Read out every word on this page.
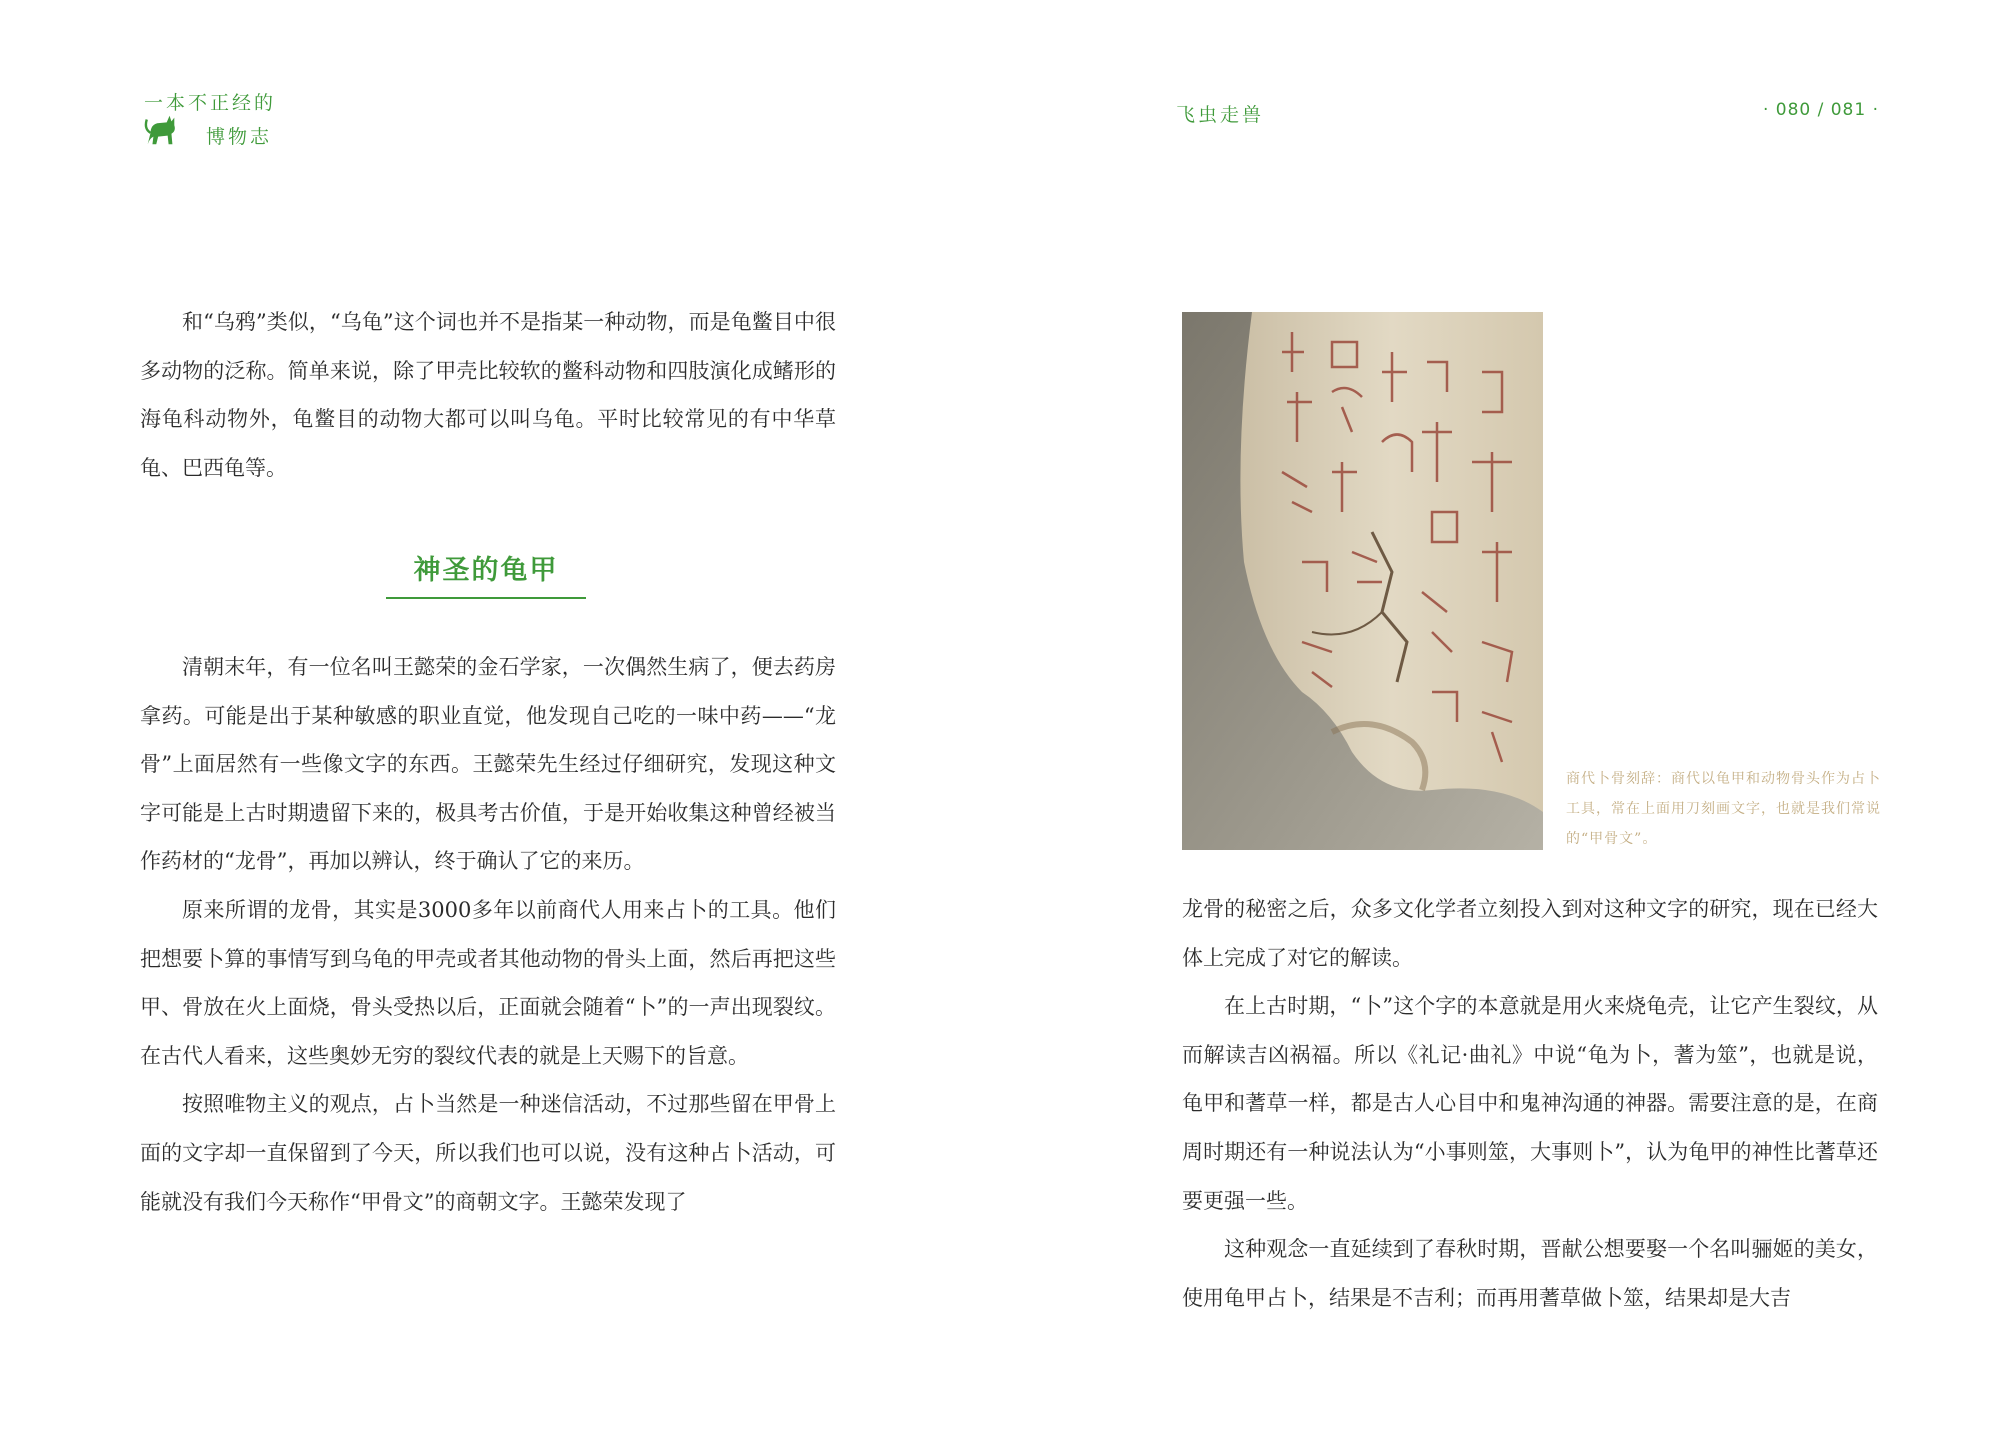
一本不正经的
博物志
飞虫走兽	· 080 / 081 ·

和“乌鸦”类似，“乌龟”这个词也并不是指某一种动物，而是龟鳖目中很多动物的泛称。简单来说，除了甲壳比较软的鳖科动物和四肢演化成鳍形的海龟科动物外，龟鳖目的动物大都可以叫乌龟。平时比较常见的有中华草龟、巴西龟等。

神圣的龟甲

清朝末年，有一位名叫王懿荣的金石学家，一次偶然生病了，便去药房拿药。可能是出于某种敏感的职业直觉，他发现自己吃的一味中药——“龙骨”上面居然有一些像文字的东西。王懿荣先生经过仔细研究，发现这种文字可能是上古时期遗留下来的，极具考古价值，于是开始收集这种曾经被当作药材的“龙骨”，再加以辨认，终于确认了它的来历。

原来所谓的龙骨，其实是3000多年以前商代人用来占卜的工具。他们把想要卜算的事情写到乌龟的甲壳或者其他动物的骨头上面，然后再把这些甲、骨放在火上面烧，骨头受热以后，正面就会随着“卜”的一声出现裂纹。在古代人看来，这些奥妙无穷的裂纹代表的就是上天赐下的旨意。

按照唯物主义的观点，占卜当然是一种迷信活动，不过那些留在甲骨上面的文字却一直保留到了今天，所以我们也可以说，没有这种占卜活动，可能就没有我们今天称作“甲骨文”的商朝文字。王懿荣发现了

商代卜骨刻辞：商代以龟甲和动物骨头作为占卜工具，常在上面用刀刻画文字，也就是我们常说的“甲骨文”。

龙骨的秘密之后，众多文化学者立刻投入到对这种文字的研究，现在已经大体上完成了对它的解读。

在上古时期，“卜”这个字的本意就是用火来烧龟壳，让它产生裂纹，从而解读吉凶祸福。所以《礼记·曲礼》中说“龟为卜，蓍为筮”，也就是说，龟甲和蓍草一样，都是古人心目中和鬼神沟通的神器。需要注意的是，在商周时期还有一种说法认为“小事则筮，大事则卜”，认为龟甲的神性比蓍草还要更强一些。

这种观念一直延续到了春秋时期，晋献公想要娶一个名叫骊姬的美女，使用龟甲占卜，结果是不吉利；而再用蓍草做卜筮，结果却是大吉
